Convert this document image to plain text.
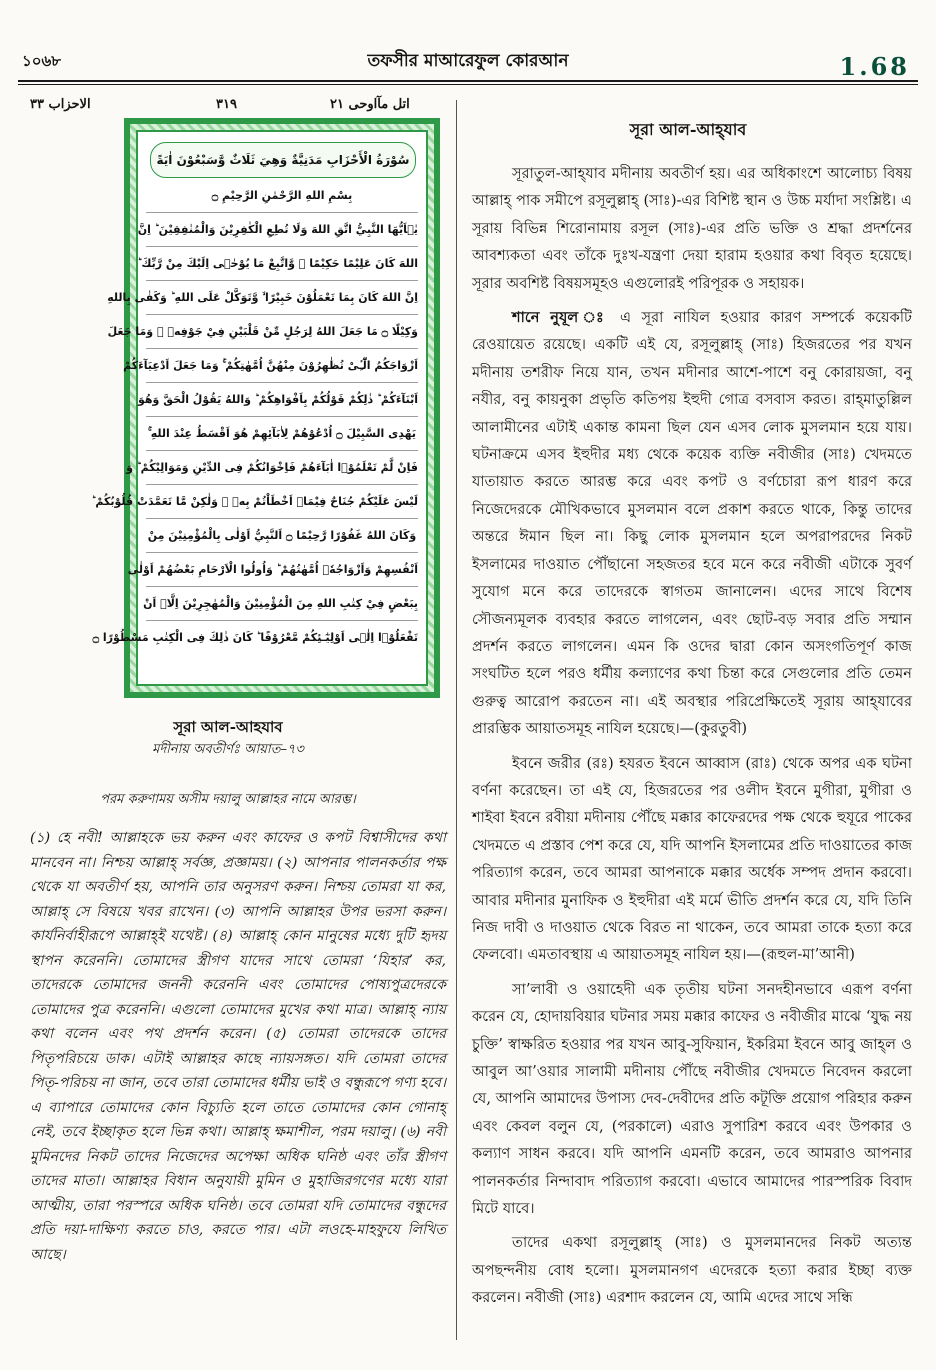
১০৬৮	তফসীর মাআরেফুল কোরআন	1.68
الاحزاب ٣٣	٣١٩	اتل مآاوحی ٢١
سُوْرَةُ الْأَحْزَابِ مَدَنِيَّةٌ وَهِيَ ثَلَاثٌ وَّسَبْعُوْنَ اٰيَةً
بِسْمِ اللهِ الرَّحْمٰنِ الرَّحِيْمِ ۝
يٰۤاَيُّهَا النَّبِيُّ اتَّقِ اللهَ وَلَا تُطِعِ الْكٰفِرِيْنَ وَالْمُنٰفِقِيْنَ ؕ اِنَّ
اللهَ كَانَ عَلِيْمًا حَكِيْمًا ۙ وَّاتَّبِعْ مَا يُوْحٰۤى اِلَيْكَ مِنْ رَّبِّكَ ؕ
اِنَّ اللهَ كَانَ بِمَا تَعْمَلُوْنَ خَبِيْرًا ۙ وَّتَوَكَّلْ عَلَى اللهِ ؕ وَكَفٰى بِاللهِ
وَكِيْلًا ۝ مَا جَعَلَ اللهُ لِرَجُلٍ مِّنْ قَلْبَيْنِ فِيْ جَوْفِهٖ ۚ وَمَا جَعَلَ
اَزْوَاجَكُمُ الّٰٓـِٔىْ تُظٰهِرُوْنَ مِنْهُنَّ اُمَّهٰتِكُمْ ۚ وَمَا جَعَلَ اَدْعِيَآءَكُمْ
اَبْنَآءَكُمْ ؕ ذٰلِكُمْ قَوْلُكُمْ بِاَفْوَاهِكُمْ ؕ وَاللهُ يَقُوْلُ الْحَقَّ وَهُوَ
يَهْدِى السَّبِيْلَ ۝ اُدْعُوْهُمْ لِاٰبَآئِهِمْ هُوَ اَقْسَطُ عِنْدَ اللهِ ۚ
فَاِنْ لَّمْ تَعْلَمُوْۤا اٰبَآءَهُمْ فَاِخْوَانُكُمْ فِى الدِّيْنِ وَمَوَالِيْكُمْ ؕ وَ
لَيْسَ عَلَيْكُمْ جُنَاحٌ فِيْمَاۤ اَخْطَاْتُمْ بِهٖ ۙ وَلٰكِنْ مَّا تَعَمَّدَتْ قُلُوْبُكُمْ ؕ
وَكَانَ اللهُ غَفُوْرًا رَّحِيْمًا ۝ اَلنَّبِيُّ اَوْلٰى بِالْمُؤْمِنِيْنَ مِنْ
اَنْفُسِهِمْ وَاَزْوَاجُهٗۤ اُمَّهٰتُهُمْ ؕ وَاُولُوا الْاَرْحَامِ بَعْضُهُمْ اَوْلٰى
بِبَعْضٍ فِيْ كِتٰبِ اللهِ مِنَ الْمُؤْمِنِيْنَ وَالْمُهٰجِرِيْنَ اِلَّاۤ اَنْ
تَفْعَلُوْۤا اِلٰۤى اَوْلِيٰٓـئِكُمْ مَّعْرُوْفًا ؕ كَانَ ذٰلِكَ فِى الْكِتٰبِ مَسْطُوْرًا ۝
সূরা আল-আহযাব
মদীনায় অবতীর্ণঃ আয়াত–৭৩
পরম করুণাময় অসীম দয়ালু আল্লাহর নামে আরম্ভ।
(১) হে নবী! আল্লাহকে ভয় করুন এবং কাফের ও কপট বিশ্বাসীদের কথা মানবেন না। নিশ্চয় আল্লাহ্‌ সর্বজ্ঞ, প্রজ্ঞাময়। (২) আপনার পালনকর্তার পক্ষ থেকে যা অবতীর্ণ হয়, আপনি তার অনুসরণ করুন। নিশ্চয় তোমরা যা কর, আল্লাহ্‌ সে বিষয়ে খবর রাখেন। (৩) আপনি আল্লাহর উপর ভরসা করুন। কার্যনির্বাহীরূপে আল্লাহ্‌ই যথেষ্ট। (৪) আল্লাহ্‌ কোন মানুষের মধ্যে দুটি হৃদয় স্থাপন করেননি। তোমাদের স্ত্রীগণ যাদের সাথে তোমরা ‘যিহার’ কর, তাদেরকে তোমাদের জননী করেননি এবং তোমাদের পোষ্যপুত্রদেরকে তোমাদের পুত্র করেননি। এগুলো তোমাদের মুখের কথা মাত্র। আল্লাহ্‌ ন্যায় কথা বলেন এবং পথ প্রদর্শন করেন। (৫) তোমরা তাদেরকে তাদের পিতৃপরিচয়ে ডাক। এটাই আল্লাহর কাছে ন্যায়সঙ্গত। যদি তোমরা তাদের পিতৃ-পরিচয় না জান, তবে তারা তোমাদের ধর্মীয় ভাই ও বন্ধুরূপে গণ্য হবে। এ ব্যাপারে তোমাদের কোন বিচ্যুতি হলে তাতে তোমাদের কোন গোনাহ্‌ নেই, তবে ইচ্ছাকৃত হলে ভিন্ন কথা। আল্লাহ্‌ ক্ষমাশীল, পরম দয়ালু। (৬) নবী মুমিনদের নিকট তাদের নিজেদের অপেক্ষা অধিক ঘনিষ্ঠ এবং তাঁর স্ত্রীগণ তাদের মাতা। আল্লাহর বিধান অনুযায়ী মুমিন ও মুহাজিরগণের মধ্যে যারা আত্মীয়, তারা পরস্পরে অধিক ঘনিষ্ঠ। তবে তোমরা যদি তোমাদের বন্ধুদের প্রতি দয়া-দাক্ষিণ্য করতে চাও, করতে পার। এটা লওহে-মাহফুযে লিখিত আছে।
সূরা আল-আহ্‌যাব

সূরাতুল-আহ্‌যাব মদীনায় অবতীর্ণ হয়। এর অধিকাংশে আলোচ্য বিষয় আল্লাহ্‌ পাক সমীপে রসূলুল্লাহ্‌ (সাঃ)-এর বিশিষ্ট স্থান ও উচ্চ মর্যাদা সংশ্লিষ্ট। এ সূরায় বিভিন্ন শিরোনামায় রসূল (সাঃ)-এর প্রতি ভক্তি ও শ্রদ্ধা প্রদর্শনের আবশ্যকতা এবং তাঁকে দুঃখ-যন্ত্রণা দেয়া হারাম হওয়ার কথা বিবৃত হয়েছে। সূরার অবশিষ্ট বিষয়সমূহও এগুলোরই পরিপূরক ও সহায়ক।

শানে নুযূল ঃ এ সূরা নাযিল হওয়ার কারণ সম্পর্কে কয়েকটি রেওয়ায়েত রয়েছে। একটি এই যে, রসূলুল্লাহ্‌ (সাঃ) হিজরতের পর যখন মদীনায় তশরীফ নিয়ে যান, তখন মদীনার আশে-পাশে বনু কোরায়জা, বনু নযীর, বনু কায়নুকা প্রভৃতি কতিপয় ইহুদী গোত্র বসবাস করত। রাহ্‌মাতুল্লিল আলামীনের এটাই একান্ত কামনা ছিল যেন এসব লোক মুসলমান হয়ে যায়। ঘটনাক্রমে এসব ইহুদীর মধ্য থেকে কয়েক ব্যক্তি নবীজীর (সাঃ) খেদমতে যাতায়াত করতে আরম্ভ করে এবং কপট ও বর্ণচোরা রূপ ধারণ করে নিজেদেরকে মৌখিকভাবে মুসলমান বলে প্রকাশ করতে থাকে, কিন্তু তাদের অন্তরে ঈমান ছিল না। কিছু লোক মুসলমান হলে অপরাপরদের নিকট ইসলামের দাওয়াত পৌঁছানো সহজতর হবে মনে করে নবীজী এটাকে সুবর্ণ সুযোগ মনে করে তাদেরকে স্বাগতম জানালেন। এদের সাথে বিশেষ সৌজন্যমূলক ব্যবহার করতে লাগলেন, এবং ছোট-বড় সবার প্রতি সম্মান প্রদর্শন করতে লাগলেন। এমন কি ওদের দ্বারা কোন অসংগতিপূর্ণ কাজ সংঘটিত হলে পরও ধর্মীয় কল্যাণের কথা চিন্তা করে সেগুলোর প্রতি তেমন গুরুত্ব আরোপ করতেন না। এই অবস্থার পরিপ্রেক্ষিতেই সূরায় আহ্‌যাবের প্রারম্ভিক আয়াতসমূহ নাযিল হয়েছে।—(কুরতুবী)

ইবনে জরীর (রঃ) হযরত ইবনে আব্বাস (রাঃ) থেকে অপর এক ঘটনা বর্ণনা করেছেন। তা এই যে, হিজরতের পর ওলীদ ইবনে মুগীরা, মুগীরা ও শাইবা ইবনে রবীয়া মদীনায় পৌঁছে মক্কার কাফেরদের পক্ষ থেকে হুযূরে পাকের খেদমতে এ প্রস্তাব পেশ করে যে, যদি আপনি ইসলামের প্রতি দাওয়াতের কাজ পরিত্যাগ করেন, তবে আমরা আপনাকে মক্কার অর্ধেক সম্পদ প্রদান করবো। আবার মদীনার মুনাফিক ও ইহুদীরা এই মর্মে ভীতি প্রদর্শন করে যে, যদি তিনি নিজ দাবী ও দাওয়াত থেকে বিরত না থাকেন, তবে আমরা তাকে হত্যা করে ফেলবো। এমতাবস্থায় এ আয়াতসমূহ নাযিল হয়।—(রূহুল-মা’আনী)

সা’লাবী ও ওয়াহেদী এক তৃতীয় ঘটনা সনদহীনভাবে এরূপ বর্ণনা করেন যে, হোদায়বিয়ার ঘটনার সময় মক্কার কাফের ও নবীজীর মাঝে ‘যুদ্ধ নয় চুক্তি’ স্বাক্ষরিত হওয়ার পর যখন আবু-সুফিয়ান, ইকরিমা ইবনে আবু জাহ্‌ল ও আবুল আ’ওয়ার সালামী মদীনায় পৌঁছে নবীজীর খেদমতে নিবেদন করলো যে, আপনি আমাদের উপাস্য দেব-দেবীদের প্রতি কটূক্তি প্রয়োগ পরিহার করুন এবং কেবল বলুন যে, (পরকালে) এরাও সুপারিশ করবে এবং উপকার ও কল্যাণ সাধন করবে। যদি আপনি এমনটি করেন, তবে আমরাও আপনার পালনকর্তার নিন্দাবাদ পরিত্যাগ করবো। এভাবে আমাদের পারস্পরিক বিবাদ মিটে যাবে।

তাদের একথা রসূলুল্লাহ্‌ (সাঃ) ও মুসলমানদের নিকট অত্যন্ত অপছন্দনীয় বোধ হলো। মুসলমানগণ এদেরকে হত্যা করার ইচ্ছা ব্যক্ত করলেন। নবীজী (সাঃ) এরশাদ করলেন যে, আমি এদের সাথে সন্ধি
